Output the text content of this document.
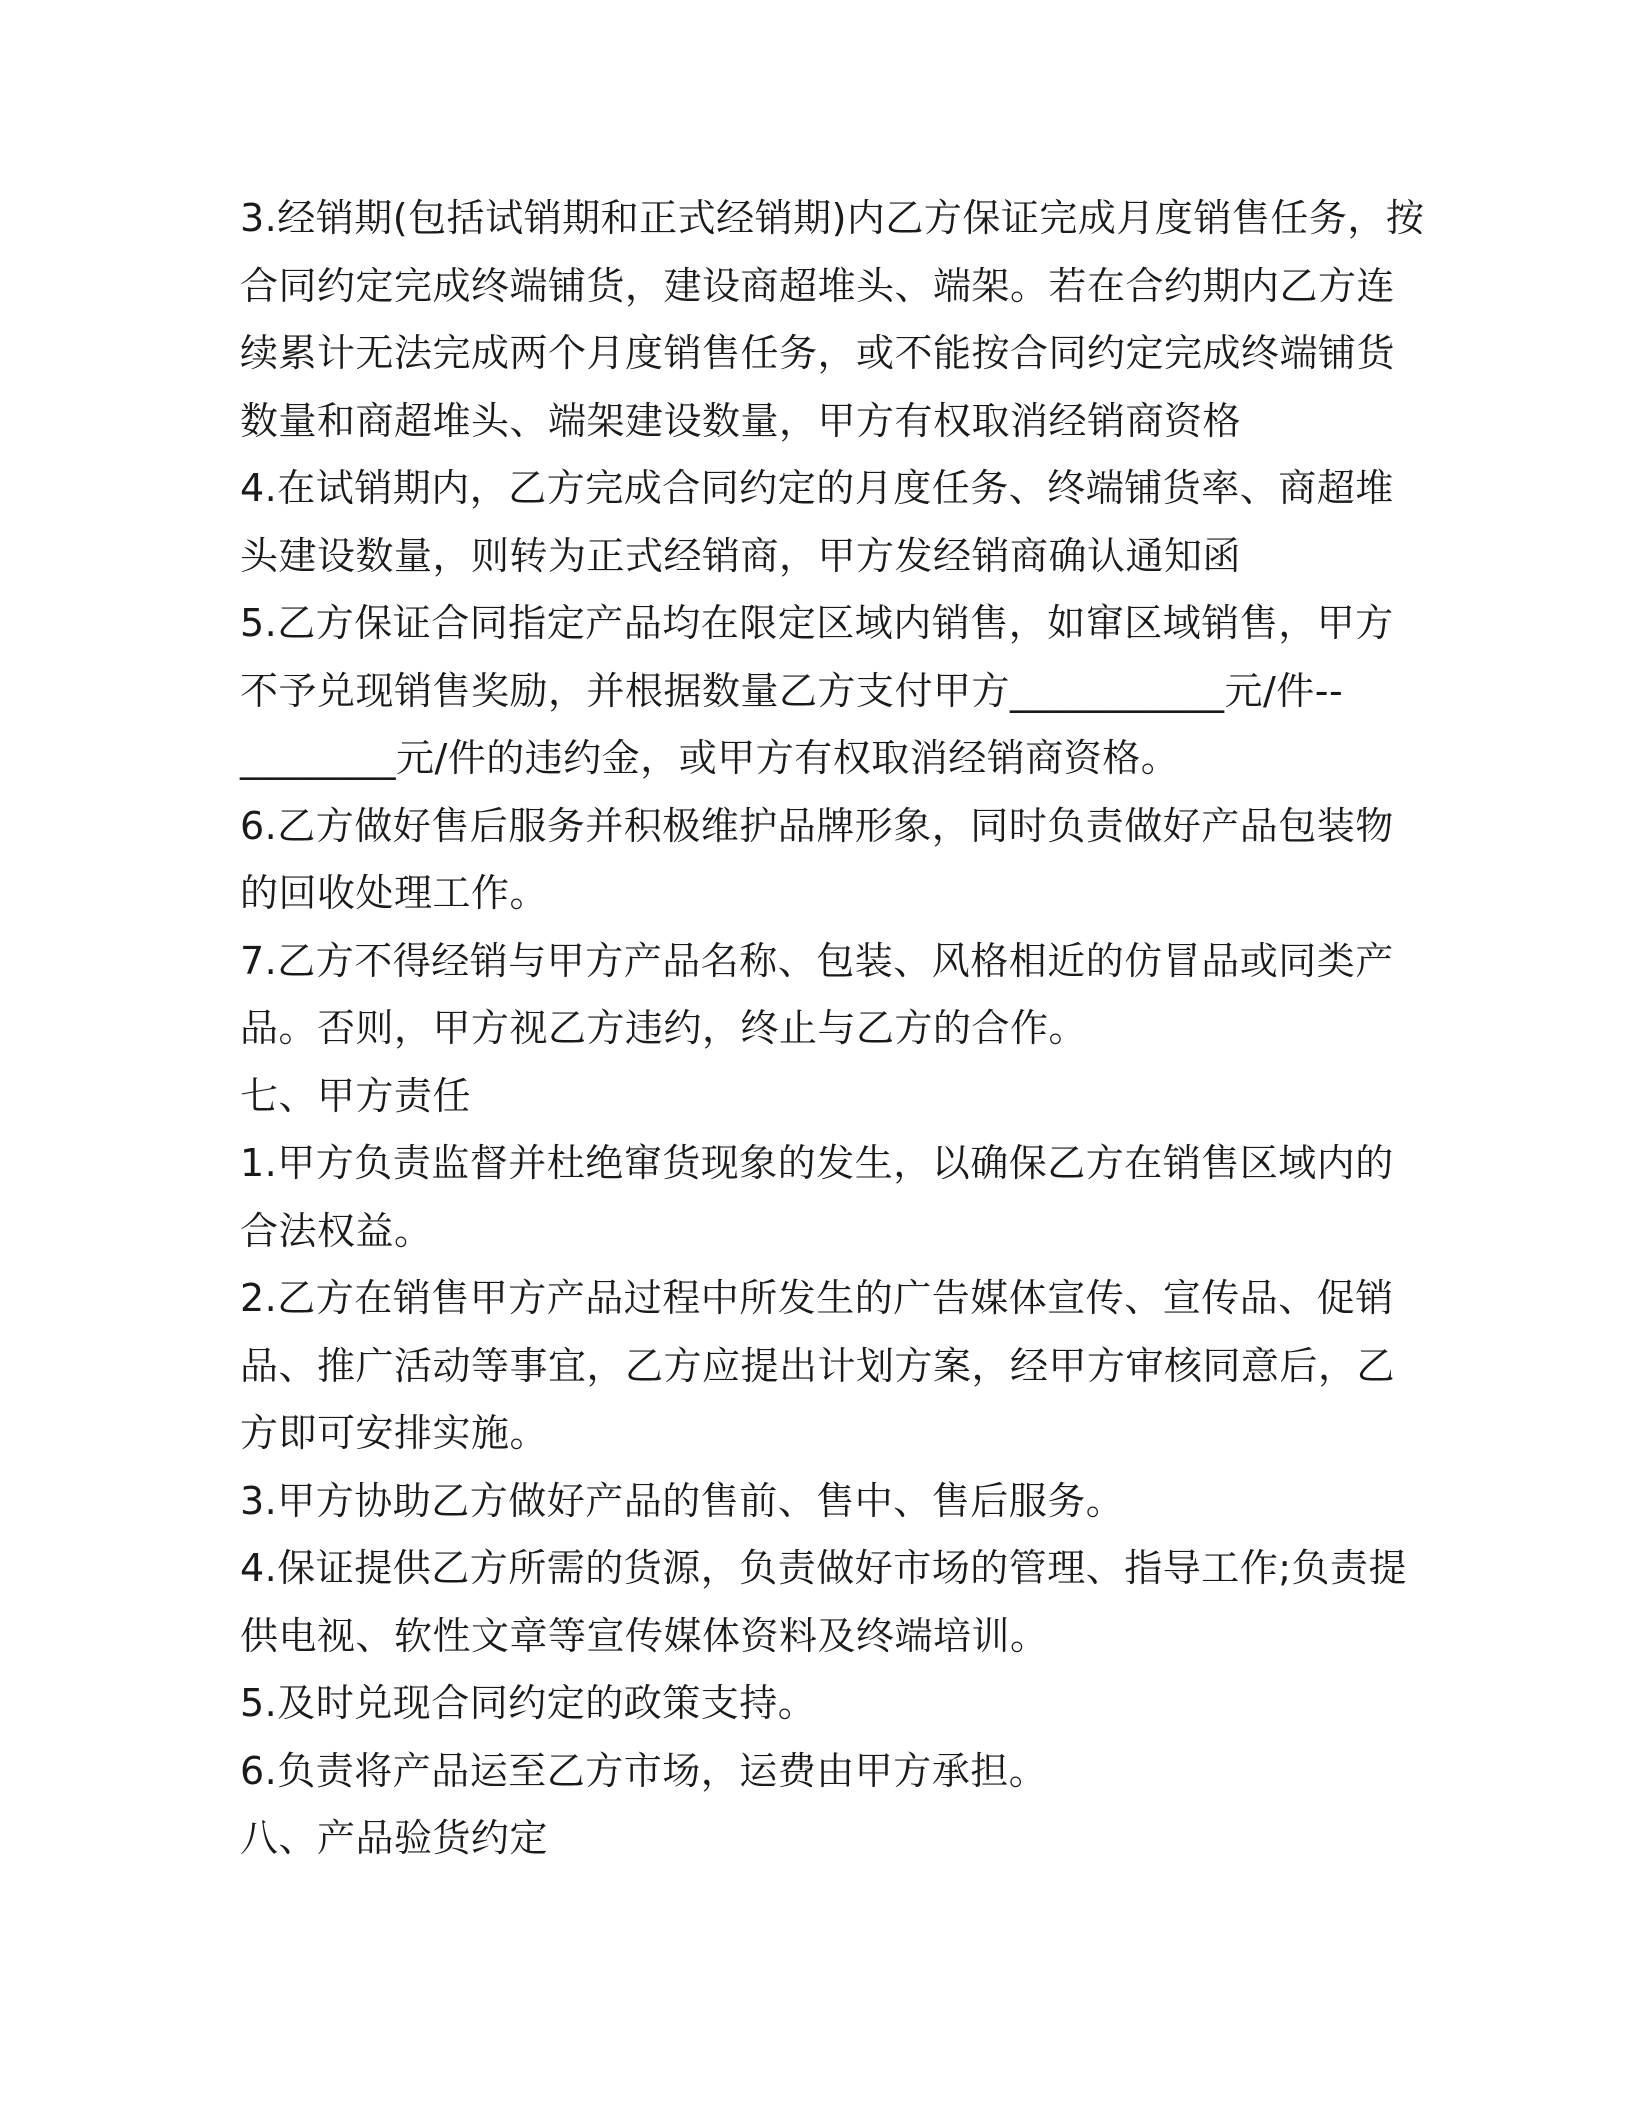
3.经销期(包括试销期和正式经销期)内乙方保证完成月度销售任务，按
合同约定完成终端铺货，建设商超堆头、端架。若在合约期内乙方连
续累计无法完成两个月度销售任务，或不能按合同约定完成终端铺货
数量和商超堆头、端架建设数量，甲方有权取消经销商资格
4.在试销期内，乙方完成合同约定的月度任务、终端铺货率、商超堆
头建设数量，则转为正式经销商，甲方发经销商确认通知函
5.乙方保证合同指定产品均在限定区域内销售，如窜区域销售，甲方
不予兑现销售奖励，并根据数量乙方支付甲方___________元/件--
________元/件的违约金，或甲方有权取消经销商资格。
6.乙方做好售后服务并积极维护品牌形象，同时负责做好产品包装物
的回收处理工作。
7.乙方不得经销与甲方产品名称、包装、风格相近的仿冒品或同类产
品。否则，甲方视乙方违约，终止与乙方的合作。
七、甲方责任
1.甲方负责监督并杜绝窜货现象的发生，以确保乙方在销售区域内的
合法权益。
2.乙方在销售甲方产品过程中所发生的广告媒体宣传、宣传品、促销
品、推广活动等事宜，乙方应提出计划方案，经甲方审核同意后，乙
方即可安排实施。
3.甲方协助乙方做好产品的售前、售中、售后服务。
4.保证提供乙方所需的货源，负责做好市场的管理、指导工作;负责提
供电视、软性文章等宣传媒体资料及终端培训。
5.及时兑现合同约定的政策支持。
6.负责将产品运至乙方市场，运费由甲方承担。
八、产品验货约定
